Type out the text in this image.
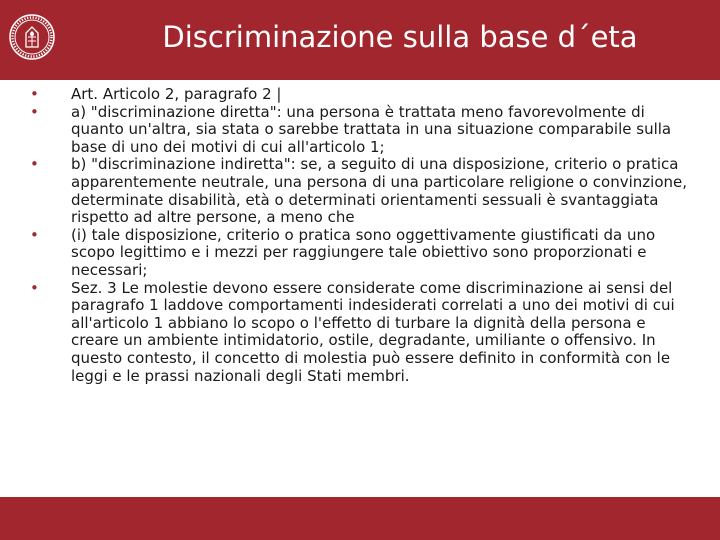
Discriminazione sulla base d´eta
• Art. Articolo 2, paragrafo 2 |
• a) "discriminazione diretta": una persona è trattata meno favorevolmente di quanto un'altra, sia stata o sarebbe trattata in una situazione comparabile sulla base di uno dei motivi di cui all'articolo 1;
• b) "discriminazione indiretta": se, a seguito di una disposizione, criterio o pratica apparentemente neutrale, una persona di una particolare religione o convinzione, determinate disabilità, età o determinati orientamenti sessuali è svantaggiata rispetto ad altre persone, a meno che
• (i) tale disposizione, criterio o pratica sono oggettivamente giustificati da uno scopo legittimo e i mezzi per raggiungere tale obiettivo sono proporzionati e necessari;
• Sez. 3 Le molestie devono essere considerate come discriminazione ai sensi del paragrafo 1 laddove comportamenti indesiderati correlati a uno dei motivi di cui all'articolo 1 abbiano lo scopo o l'effetto di turbare la dignità della persona e creare un ambiente intimidatorio, ostile, degradante, umiliante o offensivo. In questo contesto, il concetto di molestia può essere definito in conformità con le leggi e le prassi nazionali degli Stati membri.
